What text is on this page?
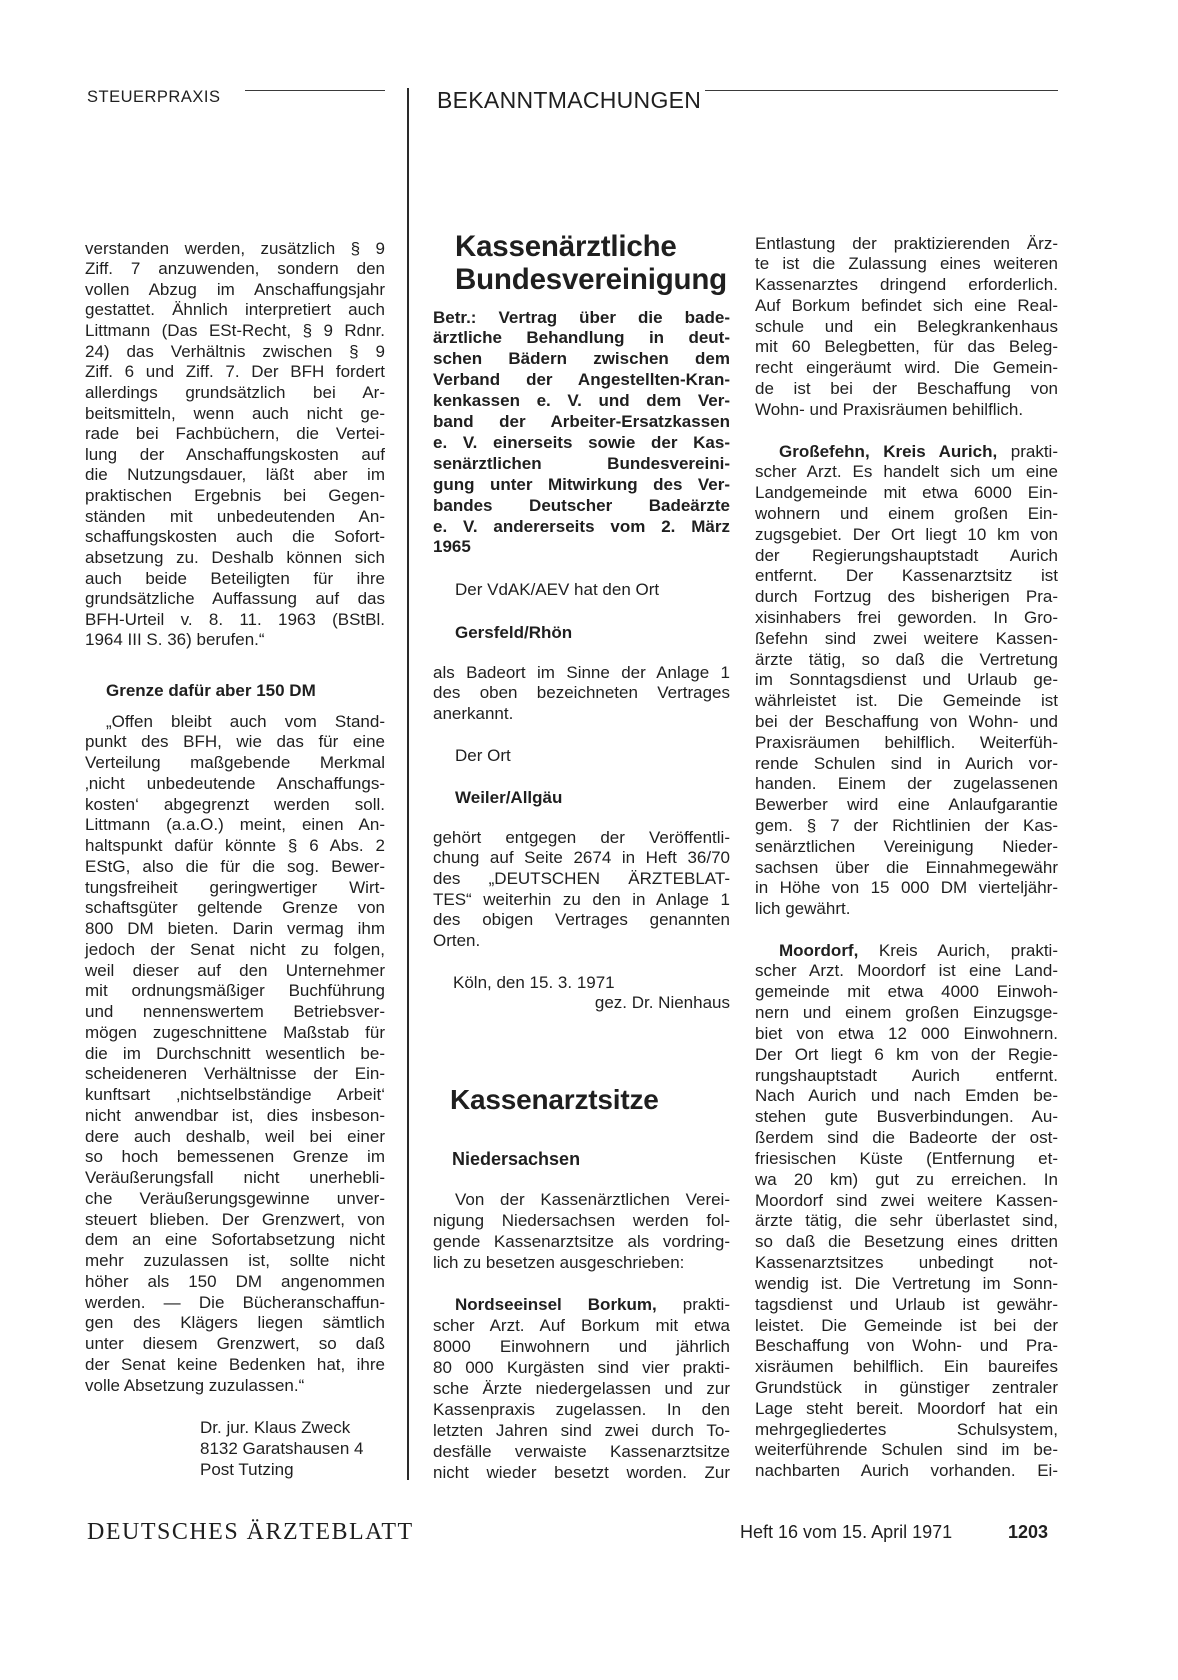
STEUERPRAXIS	BEKANNTMACHUNGEN
verstanden werden, zusätzlich § 9
Ziff. 7 anzuwenden, sondern den
vollen Abzug im Anschaffungsjahr
gestattet. Ähnlich interpretiert auch
Littmann (Das ESt-Recht, § 9 Rdnr.
24) das Verhältnis zwischen § 9
Ziff. 6 und Ziff. 7. Der BFH fordert
allerdings grundsätzlich bei Ar-
beitsmitteln, wenn auch nicht ge-
rade bei Fachbüchern, die Vertei-
lung der Anschaffungskosten auf
die Nutzungsdauer, läßt aber im
praktischen Ergebnis bei Gegen-
ständen mit unbedeutenden An-
schaffungskosten auch die Sofort-
absetzung zu. Deshalb können sich
auch beide Beteiligten für ihre
grundsätzliche Auffassung auf das
BFH-Urteil v. 8. 11. 1963 (BStBl.
1964 III S. 36) berufen.“
Grenze dafür aber 150 DM
„Offen bleibt auch vom Stand-
punkt des BFH, wie das für eine
Verteilung maßgebende Merkmal
‚nicht unbedeutende Anschaffungs-
kosten‘ abgegrenzt werden soll.
Littmann (a.a.O.) meint, einen An-
haltspunkt dafür könnte § 6 Abs. 2
EStG, also die für die sog. Bewer-
tungsfreiheit geringwertiger Wirt-
schaftsgüter geltende Grenze von
800 DM bieten. Darin vermag ihm
jedoch der Senat nicht zu folgen,
weil dieser auf den Unternehmer
mit ordnungsmäßiger Buchführung
und nennenswertem Betriebsver-
mögen zugeschnittene Maßstab für
die im Durchschnitt wesentlich be-
scheideneren Verhältnisse der Ein-
kunftsart ‚nichtselbständige Arbeit‘
nicht anwendbar ist, dies insbeson-
dere auch deshalb, weil bei einer
so hoch bemessenen Grenze im
Veräußerungsfall nicht unerhebli-
che Veräußerungsgewinne unver-
steuert blieben. Der Grenzwert, von
dem an eine Sofortabsetzung nicht
mehr zuzulassen ist, sollte nicht
höher als 150 DM angenommen
werden. — Die Bücheranschaffun-
gen des Klägers liegen sämtlich
unter diesem Grenzwert, so daß
der Senat keine Bedenken hat, ihre
volle Absetzung zuzulassen.“
Dr. jur. Klaus Zweck
8132 Garatshausen 4
Post Tutzing
Kassenärztliche
Bundesvereinigung
Betr.: Vertrag über die bade-
ärztliche Behandlung in deut-
schen Bädern zwischen dem
Verband der Angestellten-Kran-
kenkassen e. V. und dem Ver-
band der Arbeiter-Ersatzkassen
e. V. einerseits sowie der Kas-
senärztlichen Bundesvereini-
gung unter Mitwirkung des Ver-
bandes Deutscher Badeärzte
e. V. andererseits vom 2. März
1965
Der VdAK/AEV hat den Ort
Gersfeld/Rhön
als Badeort im Sinne der Anlage 1
des oben bezeichneten Vertrages
anerkannt.
Der Ort
Weiler/Allgäu
gehört entgegen der Veröffentli-
chung auf Seite 2674 in Heft 36/70
des „DEUTSCHEN ÄRZTEBLAT-
TES“ weiterhin zu den in Anlage 1
des obigen Vertrages genannten
Orten.
Köln, den 15. 3. 1971
gez. Dr. Nienhaus
Kassenarztsitze
Niedersachsen
Von der Kassenärztlichen Verei-
nigung Niedersachsen werden fol-
gende Kassenarztsitze als vordring-
lich zu besetzen ausgeschrieben:
Nordseeinsel Borkum, prakti-
scher Arzt. Auf Borkum mit etwa
8000 Einwohnern und jährlich
80 000 Kurgästen sind vier prakti-
sche Ärzte niedergelassen und zur
Kassenpraxis zugelassen. In den
letzten Jahren sind zwei durch To-
desfälle verwaiste Kassenarztsitze
nicht wieder besetzt worden. Zur
Entlastung der praktizierenden Ärz-
te ist die Zulassung eines weiteren
Kassenarztes dringend erforderlich.
Auf Borkum befindet sich eine Real-
schule und ein Belegkrankenhaus
mit 60 Belegbetten, für das Beleg-
recht eingeräumt wird. Die Gemein-
de ist bei der Beschaffung von
Wohn- und Praxisräumen behilflich.
Großefehn, Kreis Aurich, prakti-
scher Arzt. Es handelt sich um eine
Landgemeinde mit etwa 6000 Ein-
wohnern und einem großen Ein-
zugsgebiet. Der Ort liegt 10 km von
der Regierungshauptstadt Aurich
entfernt. Der Kassenarztsitz ist
durch Fortzug des bisherigen Pra-
xisinhabers frei geworden. In Gro-
ßefehn sind zwei weitere Kassen-
ärzte tätig, so daß die Vertretung
im Sonntagsdienst und Urlaub ge-
währleistet ist. Die Gemeinde ist
bei der Beschaffung von Wohn- und
Praxisräumen behilflich. Weiterfüh-
rende Schulen sind in Aurich vor-
handen. Einem der zugelassenen
Bewerber wird eine Anlaufgarantie
gem. § 7 der Richtlinien der Kas-
senärztlichen Vereinigung Nieder-
sachsen über die Einnahmegewähr
in Höhe von 15 000 DM vierteljähr-
lich gewährt.
Moordorf, Kreis Aurich, prakti-
scher Arzt. Moordorf ist eine Land-
gemeinde mit etwa 4000 Einwoh-
nern und einem großen Einzugsge-
biet von etwa 12 000 Einwohnern.
Der Ort liegt 6 km von der Regie-
rungshauptstadt Aurich entfernt.
Nach Aurich und nach Emden be-
stehen gute Busverbindungen. Au-
ßerdem sind die Badeorte der ost-
friesischen Küste (Entfernung et-
wa 20 km) gut zu erreichen. In
Moordorf sind zwei weitere Kassen-
ärzte tätig, die sehr überlastet sind,
so daß die Besetzung eines dritten
Kassenarztsitzes unbedingt not-
wendig ist. Die Vertretung im Sonn-
tagsdienst und Urlaub ist gewähr-
leistet. Die Gemeinde ist bei der
Beschaffung von Wohn- und Pra-
xisräumen behilflich. Ein baureifes
Grundstück in günstiger zentraler
Lage steht bereit. Moordorf hat ein
mehrgegliedertes Schulsystem,
weiterführende Schulen sind im be-
nachbarten Aurich vorhanden. Ei-
DEUTSCHES ÄRZTEBLATT	Heft 16 vom 15. April 1971	1203
